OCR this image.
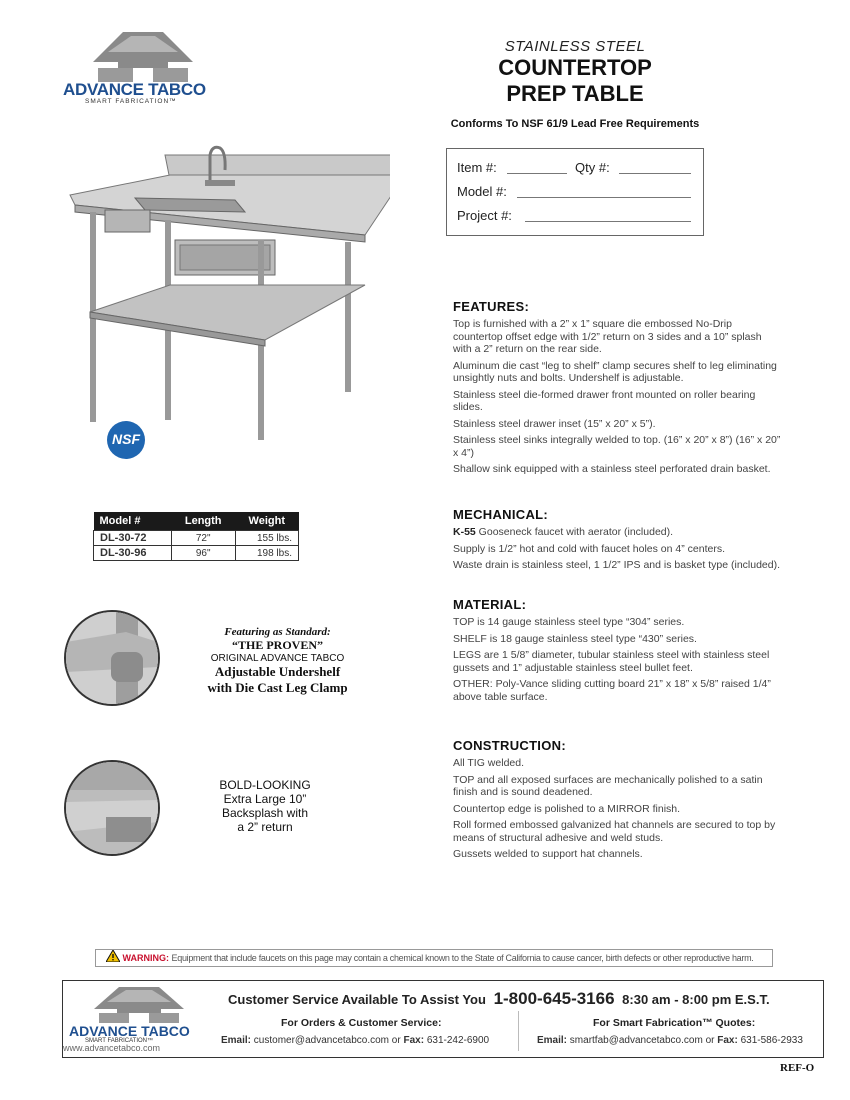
ADVANCE TABCO
SMART FABRICATION™
STAINLESS STEEL
COUNTERTOP
PREP TABLE
Conforms To NSF 61/9 Lead Free Requirements
Item #:	Qty #:
Model #:
Project #:
NSF
Model #	Length	Weight
DL-30-72	72"	155 lbs.
DL-30-96	96"	198 lbs.
Featuring as Standard:
“THE PROVEN”
ORIGINAL ADVANCE TABCO
Adjustable Undershelf
with Die Cast Leg Clamp
BOLD-LOOKING
Extra Large 10”
Backsplash with
a 2” return
FEATURES:

Top is furnished with a 2” x 1” square die embossed No-Drip countertop offset edge with 1/2” return on 3 sides and a 10” splash with a 2” return on the rear side.

Aluminum die cast “leg to shelf” clamp secures shelf to leg eliminating unsightly nuts and bolts. Undershelf is adjustable.

Stainless steel die-formed drawer front mounted on roller bearing slides.

Stainless steel drawer inset (15” x 20” x 5”).

Stainless steel sinks integrally welded to top. (16” x 20” x 8”) (16” x 20” x 4”)

Shallow sink equipped with a stainless steel perforated drain basket.

MECHANICAL:

K-55 Gooseneck faucet with aerator (included).

Supply is 1/2” hot and cold with faucet holes on 4” centers.

Waste drain is stainless steel, 1 1/2” IPS and is basket type (included).

MATERIAL:

TOP is 14 gauge stainless steel type “304” series.

SHELF is 18 gauge stainless steel type “430” series.

LEGS are 1 5/8” diameter, tubular stainless steel with stainless steel gussets and 1” adjustable stainless steel bullet feet.

OTHER: Poly-Vance sliding cutting board 21” x 18” x 5/8” raised 1/4” above table surface.

CONSTRUCTION:

All TIG welded.

TOP and all exposed surfaces are mechanically polished to a satin finish and is sound deadened.

Countertop edge is polished to a MIRROR finish.

Roll formed embossed galvanized hat channels are secured to top by means of structural adhesive and weld studs.

Gussets welded to support hat channels.

WARNING: Equipment that include faucets on this page may contain a chemical known to the State of California to cause cancer, birth defects or other reproductive harm.
ADVANCE TABCO
SMART FABRICATION™
www.advancetabco.com
Customer Service Available To Assist You 1-800-645-3166 8:30 am - 8:00 pm E.S.T.
For Orders & Customer Service:
Email: customer@advancetabco.com or Fax: 631-242-6900
For Smart Fabrication™ Quotes:
Email: smartfab@advancetabco.com or Fax: 631-586-2933
REF-O
